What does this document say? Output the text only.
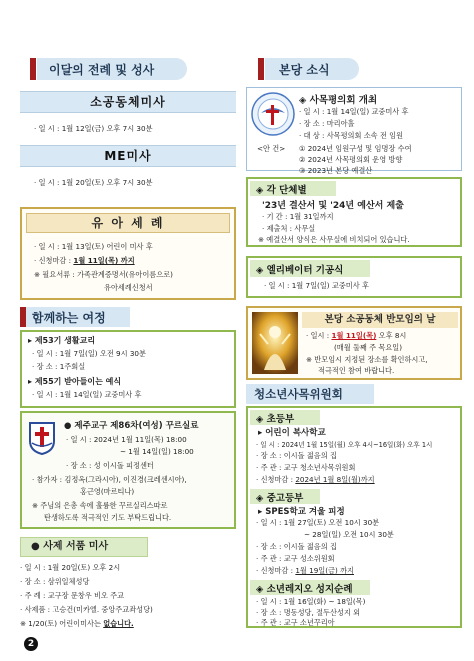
이달의 전례 및 성사
소공동체미사
· 일 시 : 1월 12일(금) 오후 7시 30분
ME미사
· 일 시 : 1월 20일(토) 오후 7시 30분
유 아 세 례
· 일 시 : 1월 13일(토) 어린이 미사 후
· 신청마감 : 1월 11일(목) 까지
※ 필요서류 : 가족관계증명서(유아이름으로)
유아세례신청서
함께하는 여정
▸ 제53기 생활교리
· 일 시 : 1월 7일(일) 오전 9시 30분
· 장 소 : 1주회실
▸ 제55기 받아들이는 예식
· 일 시 : 1월 14일(일) 교중미사 후
● 제주교구 제86차(여성) 꾸르실료
· 일 시 : 2024년 1월 11일(목) 18:00
~ 1월 14일(일) 18:00
· 장 소 : 성 이시돌 피정센터
· 참가자 : 김정옥(그라시아), 이진경(크레센시아),
홍근영(마르티나)
※ 주님의 은총 속에 훌륭한 꾸르실리스따로
탄생하도록 적극적인 기도 부탁드립니다.
● 사제 서품 미사
· 일 시 : 1월 20일(토) 오후 2시
· 장 소 : 삼위일체성당
· 주 례 : 교구장 문창우 비오 주교
· 사제품 : 고승건(미카엘. 중앙주교좌성당)
※ 1/20(토) 어린이미사는 없습니다.
2
본당 소식
◈ 사목평의회 개최
· 일 시 : 1월 14일(일) 교중미사 후
· 장 소 : 마리아홀
· 대 상 : 사목평의회 소속 전 임원
<안 건> ① 2024년 임원구성 및 임명장 수여
② 2024년 사목평의회 운영 방향
③ 2023년 본당 예결산
◈ 각 단체별
'23년 결산서 및 '24년 예산서 제출
· 기 간 : 1월 31일까지
· 제출처 : 사무실
※ 예결산서 양식은 사무실에 비치되어 있습니다.
◈ 엘리베이터 기공식
· 일 시 : 1월 7일(일) 교중미사 후
본당 소공동체 반모임의 날
· 일시 : 1월 11일(목) 오후 8시
(매월 둘째 주 목요일)
※ 반모임시 지정된 장소를 확인하시고,
적극적인 참여 바랍니다.
청소년사목위원회
◈ 초등부
▸ 어린이 복사학교
· 일 시 : 2024년 1월 15일(월) 오후 4시~16일(화) 오후 1시
· 장 소 : 이시돌 젊음의 집
· 주 관 : 교구 청소년사목위원회
· 신청마감 : 2024년 1월 8일(월)까지
◈ 중고등부
▸ SPES학교 겨울 피정
· 일 시 : 1월 27일(토) 오전 10시 30분
~ 28일(일) 오전 10시 30분
· 장 소 : 이시돌 젊음의 집
· 주 관 : 교구 성소위원회
· 신청마감 : 1월 19일(금) 까지
◈ 소년레지오 성지순례
· 일 시 : 1월 16일(화) ~ 18일(목)
· 장 소 : 명동성당, 절두산성지 외
· 주 관 : 교구 소년꾸리아
